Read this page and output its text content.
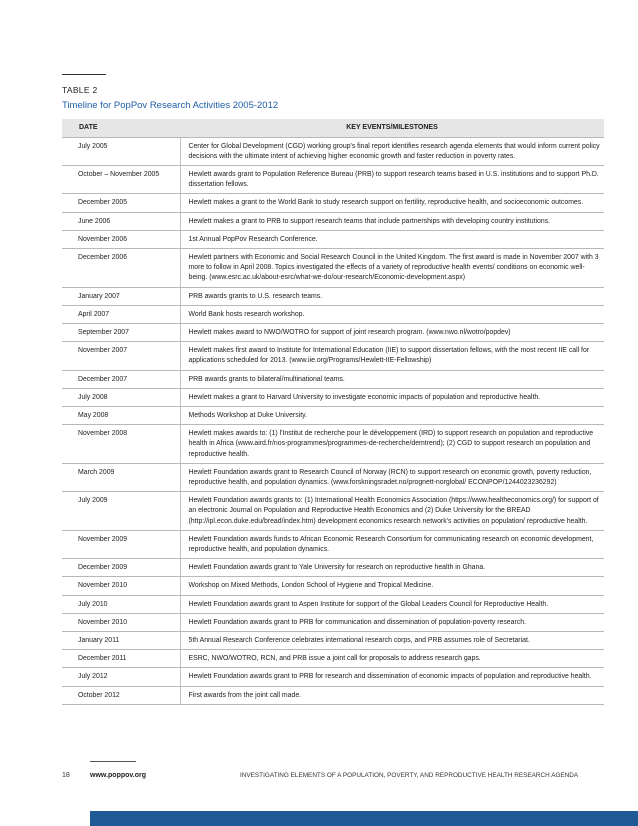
TABLE 2
Timeline for PopPov Research Activities 2005-2012
DATE	KEY EVENTS/MILESTONES
July 2005	Center for Global Development (CGD) working group's final report identifies research agenda elements that would inform current policy decisions with the ultimate intent of achieving higher economic growth and faster reduction in poverty rates.
October – November 2005	Hewlett awards grant to Population Reference Bureau (PRB) to support research teams based in U.S. institutions and to support Ph.D. dissertation fellows.
December 2005	Hewlett makes a grant to the World Bank to study research support on fertility, reproductive health, and socioeconomic outcomes.
June 2006	Hewlett makes a grant to PRB to support research teams that include partnerships with developing country institutions.
November 2006	1st Annual PopPov Research Conference.
December 2006	Hewlett partners with Economic and Social Research Council in the United Kingdom. The first award is made in November 2007 with 3 more to follow in April 2008. Topics investigated the effects of a variety of reproductive health events/ conditions on economic well-being. (www.esrc.ac.uk/about-esrc/what-we-do/our-research/Economic-development.aspx)
January 2007	PRB awards grants to U.S. research teams.
April 2007	World Bank hosts research workshop.
September 2007	Hewlett makes award to NWO/WOTRO for support of joint research program. (www.nwo.nl/wotro/popdev)
November 2007	Hewlett makes first award to Institute for International Education (IIE) to support dissertation fellows, with the most recent IIE call for applications scheduled for 2013. (www.iie.org/Programs/Hewlett-IIE-Fellowship)
December 2007	PRB awards grants to bilateral/multinational teams.
July 2008	Hewlett makes a grant to Harvard University to investigate economic impacts of population and reproductive health.
May 2008	Methods Workshop at Duke University.
November 2008	Hewlett makes awards to: (1) l'Institut de recherche pour le développement (IRD) to support research on population and reproductive health in Africa (www.aird.fr/nos-programmes/programmes-de-recherche/demtrend); (2) CGD to support research on population and reproductive health.
March 2009	Hewlett Foundation awards grant to Research Council of Norway (RCN) to support research on economic growth, poverty reduction, reproductive health, and population dynamics. (www.forskningsradet.no/prognett-norglobal/ ECONPOP/1244023236292)
July 2009	Hewlett Foundation awards grants to: (1) International Health Economics Association (https://www.healtheconomics.org/) for support of an electronic Journal on Population and Reproductive Health Economics and (2) Duke University for the BREAD (http://ipl.econ.duke.edu/bread/index.htm) development economics research network's activities on population/ reproductive health.
November 2009	Hewlett Foundation awards funds to African Economic Research Consortium for communicating research on economic development, reproductive health, and population dynamics.
December 2009	Hewlett Foundation awards grant to Yale University for research on reproductive health in Ghana.
November 2010	Workshop on Mixed Methods, London School of Hygiene and Tropical Medicine.
July 2010	Hewlett Foundation awards grant to Aspen Institute for support of the Global Leaders Council for Reproductive Health.
November 2010	Hewlett Foundation awards grant to PRB for communication and dissemination of population-poverty research.
January 2011	5th Annual Research Conference celebrates international research corps, and PRB assumes role of Secretariat.
December 2011	ESRC, NWO/WOTRO, RCN, and PRB issue a joint call for proposals to address research gaps.
July 2012	Hewlett Foundation awards grant to PRB for research and dissemination of economic impacts of population and reproductive health.
October 2012	First awards from the joint call made.
18	www.poppov.org	INVESTIGATING ELEMENTS OF A POPULATION, POVERTY, AND REPRODUCTIVE HEALTH RESEARCH AGENDA
